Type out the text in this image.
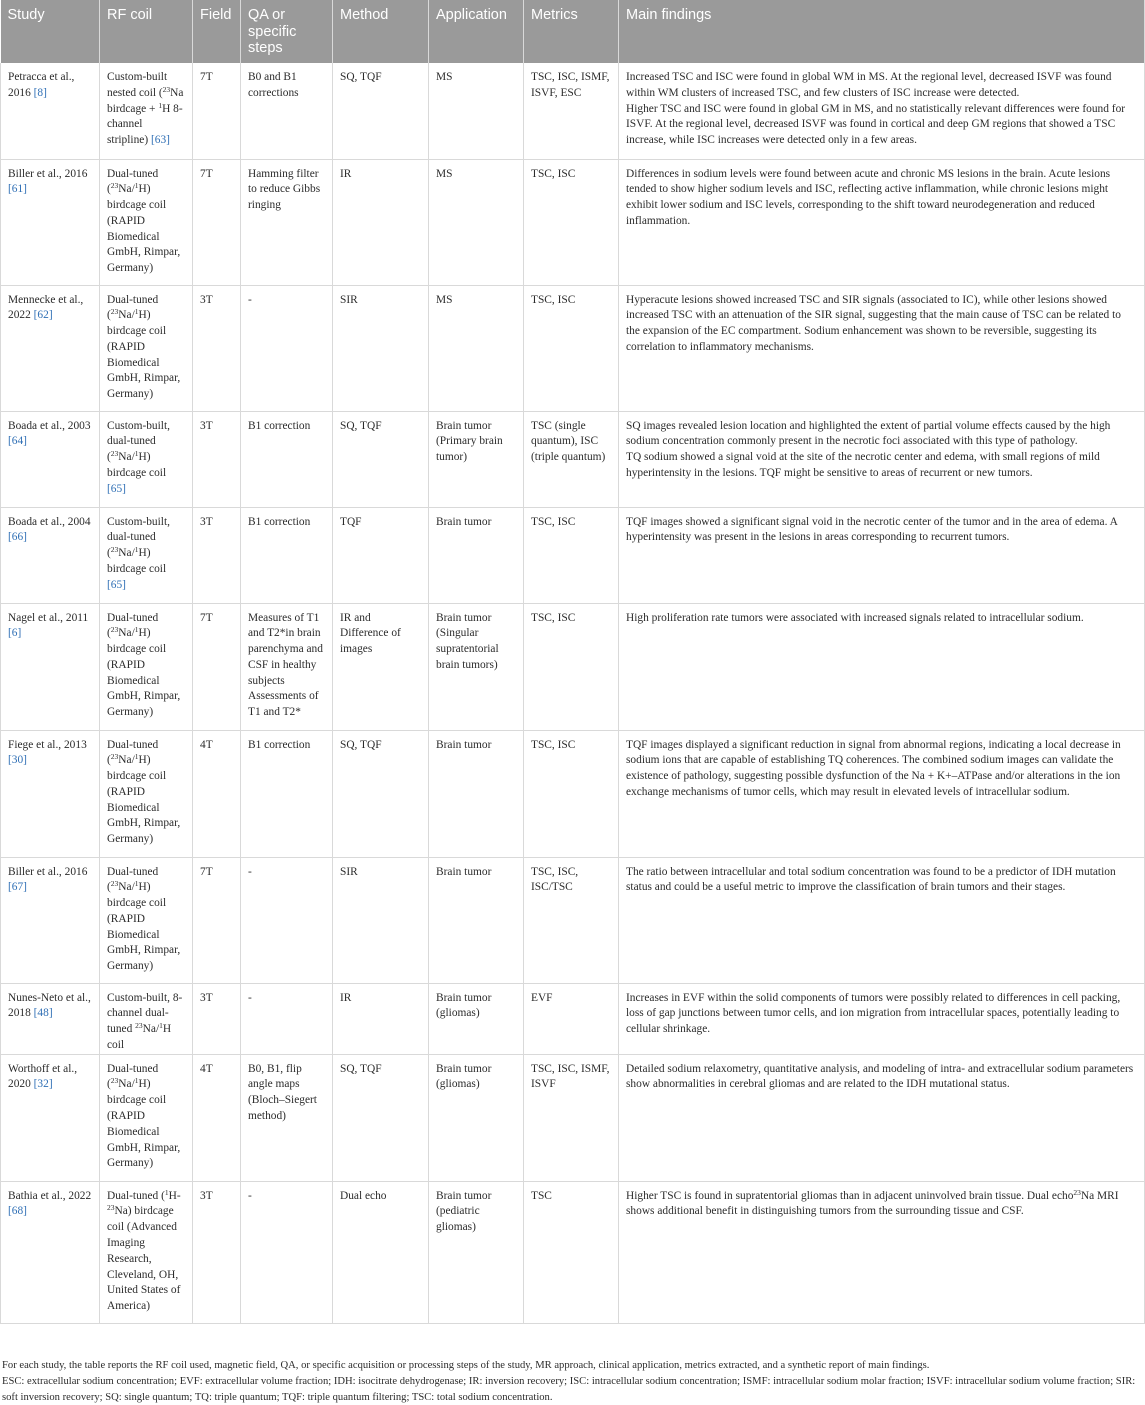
Study	RF coil	Field	QA or specific steps	Method	Application	Metrics	Main findings
Petracca et al., 2016 [8]	Custom-built nested coil ($^{23}$Na birdcage + $^1$H 8-channel stripline) [63]	7T	B0 and B1 corrections	SQ, TQF	MS	TSC, ISC, ISMF, ISVF, ESC	Increased TSC and ISC were found in global WM in MS. At the regional level, decreased ISVF was found within WM clusters of increased TSC, and few clusters of ISC increase were detected.
Higher TSC and ISC were found in global GM in MS, and no statistically relevant differences were found for ISVF. At the regional level, decreased ISVF was found in cortical and deep GM regions that showed a TSC increase, while ISC increases were detected only in a few areas.

Biller et al., 2016 [61]	Dual-tuned ($^{23}$Na/$^1$H) birdcage coil (RAPID Biomedical GmbH, Rimpar, Germany)	7T	Hamming filter to reduce Gibbs ringing	IR	MS	TSC, ISC	Differences in sodium levels were found between acute and chronic MS lesions in the brain. Acute lesions tended to show higher sodium levels and ISC, reflecting active inflammation, while chronic lesions might exhibit lower sodium and ISC levels, corresponding to the shift toward neurodegeneration and reduced inflammation.

Mennecke et al., 2022 [62]	Dual-tuned ($^{23}$Na/$^1$H) birdcage coil (RAPID Biomedical GmbH, Rimpar, Germany)	3T	-	SIR	MS	TSC, ISC	Hyperacute lesions showed increased TSC and SIR signals (associated to IC), while other lesions showed increased TSC with an attenuation of the SIR signal, suggesting that the main cause of TSC can be related to the expansion of the EC compartment. Sodium enhancement was shown to be reversible, suggesting its correlation to inflammatory mechanisms.

Boada et al., 2003 [64]	Custom-built, dual-tuned ($^{23}$Na/$^1$H) birdcage coil [65]	3T	B1 correction	SQ, TQF	Brain tumor (Primary brain tumor)	TSC (single quantum), ISC (triple quantum)	SQ images revealed lesion location and highlighted the extent of partial volume effects caused by the high sodium concentration commonly present in the necrotic foci associated with this type of pathology.
TQ sodium showed a signal void at the site of the necrotic center and edema, with small regions of mild hyperintensity in the lesions. TQF might be sensitive to areas of recurrent or new tumors.

Boada et al., 2004 [66]	Custom-built, dual-tuned ($^{23}$Na/$^1$H) birdcage coil [65]	3T	B1 correction	TQF	Brain tumor	TSC, ISC	TQF images showed a significant signal void in the necrotic center of the tumor and in the area of edema. A hyperintensity was present in the lesions in areas corresponding to recurrent tumors.

Nagel et al., 2011 [6]	Dual-tuned ($^{23}$Na/$^1$H) birdcage coil (RAPID Biomedical GmbH, Rimpar, Germany)	7T	Measures of T1 and T2*in brain parenchyma and CSF in healthy subjects Assessments of T1 and T2*	IR and Difference of images	Brain tumor (Singular supratentorial brain tumors)	TSC, ISC	High proliferation rate tumors were associated with increased signals related to intracellular sodium.

Fiege et al., 2013 [30]	Dual-tuned ($^{23}$Na/$^1$H) birdcage coil (RAPID Biomedical GmbH, Rimpar, Germany)	4T	B1 correction	SQ, TQF	Brain tumor	TSC, ISC	TQF images displayed a significant reduction in signal from abnormal regions, indicating a local decrease in sodium ions that are capable of establishing TQ coherences. The combined sodium images can validate the existence of pathology, suggesting possible dysfunction of the Na + K+–ATPase and/or alterations in the ion exchange mechanisms of tumor cells, which may result in elevated levels of intracellular sodium.

Biller et al., 2016 [67]	Dual-tuned ($^{23}$Na/$^1$H) birdcage coil (RAPID Biomedical GmbH, Rimpar, Germany)	7T	-	SIR	Brain tumor	TSC, ISC, ISC/TSC	The ratio between intracellular and total sodium concentration was found to be a predictor of IDH mutation status and could be a useful metric to improve the classification of brain tumors and their stages.

Nunes-Neto et al., 2018 [48]	Custom-built, 8-channel dual-tuned $^{23}$Na/$^1$H coil	3T	-	IR	Brain tumor (gliomas)	EVF	Increases in EVF within the solid components of tumors were possibly related to differences in cell packing, loss of gap junctions between tumor cells, and ion migration from intracellular spaces, potentially leading to cellular shrinkage.

Worthoff et al., 2020 [32]	Dual-tuned ($^{23}$Na/$^1$H) birdcage coil (RAPID Biomedical GmbH, Rimpar, Germany)	4T	B0, B1, flip angle maps (Bloch–Siegert method)	SQ, TQF	Brain tumor (gliomas)	TSC, ISC, ISMF, ISVF	Detailed sodium relaxometry, quantitative analysis, and modeling of intra- and extracellular sodium parameters show abnormalities in cerebral gliomas and are related to the IDH mutational status.

Bathia et al., 2022 [68]	Dual-tuned ($^1$H-$^{23}$Na) birdcage coil (Advanced Imaging Research, Cleveland, OH, United States of America)	3T	-	Dual echo	Brain tumor (pediatric gliomas)	TSC	Higher TSC is found in supratentorial gliomas than in adjacent uninvolved brain tissue. Dual echo$^{23}$Na MRI shows additional benefit in distinguishing tumors from the surrounding tissue and CSF.
For each study, the table reports the RF coil used, magnetic field, QA, or specific acquisition or processing steps of the study, MR approach, clinical application, metrics extracted, and a synthetic report of main findings.
ESC: extracellular sodium concentration; EVF: extracellular volume fraction; IDH: isocitrate dehydrogenase; IR: inversion recovery; ISC: intracellular sodium concentration; ISMF: intracellular sodium molar fraction; ISVF: intracellular sodium volume fraction; SIR: soft inversion recovery; SQ: single quantum; TQ: triple quantum; TQF: triple quantum filtering; TSC: total sodium concentration.
